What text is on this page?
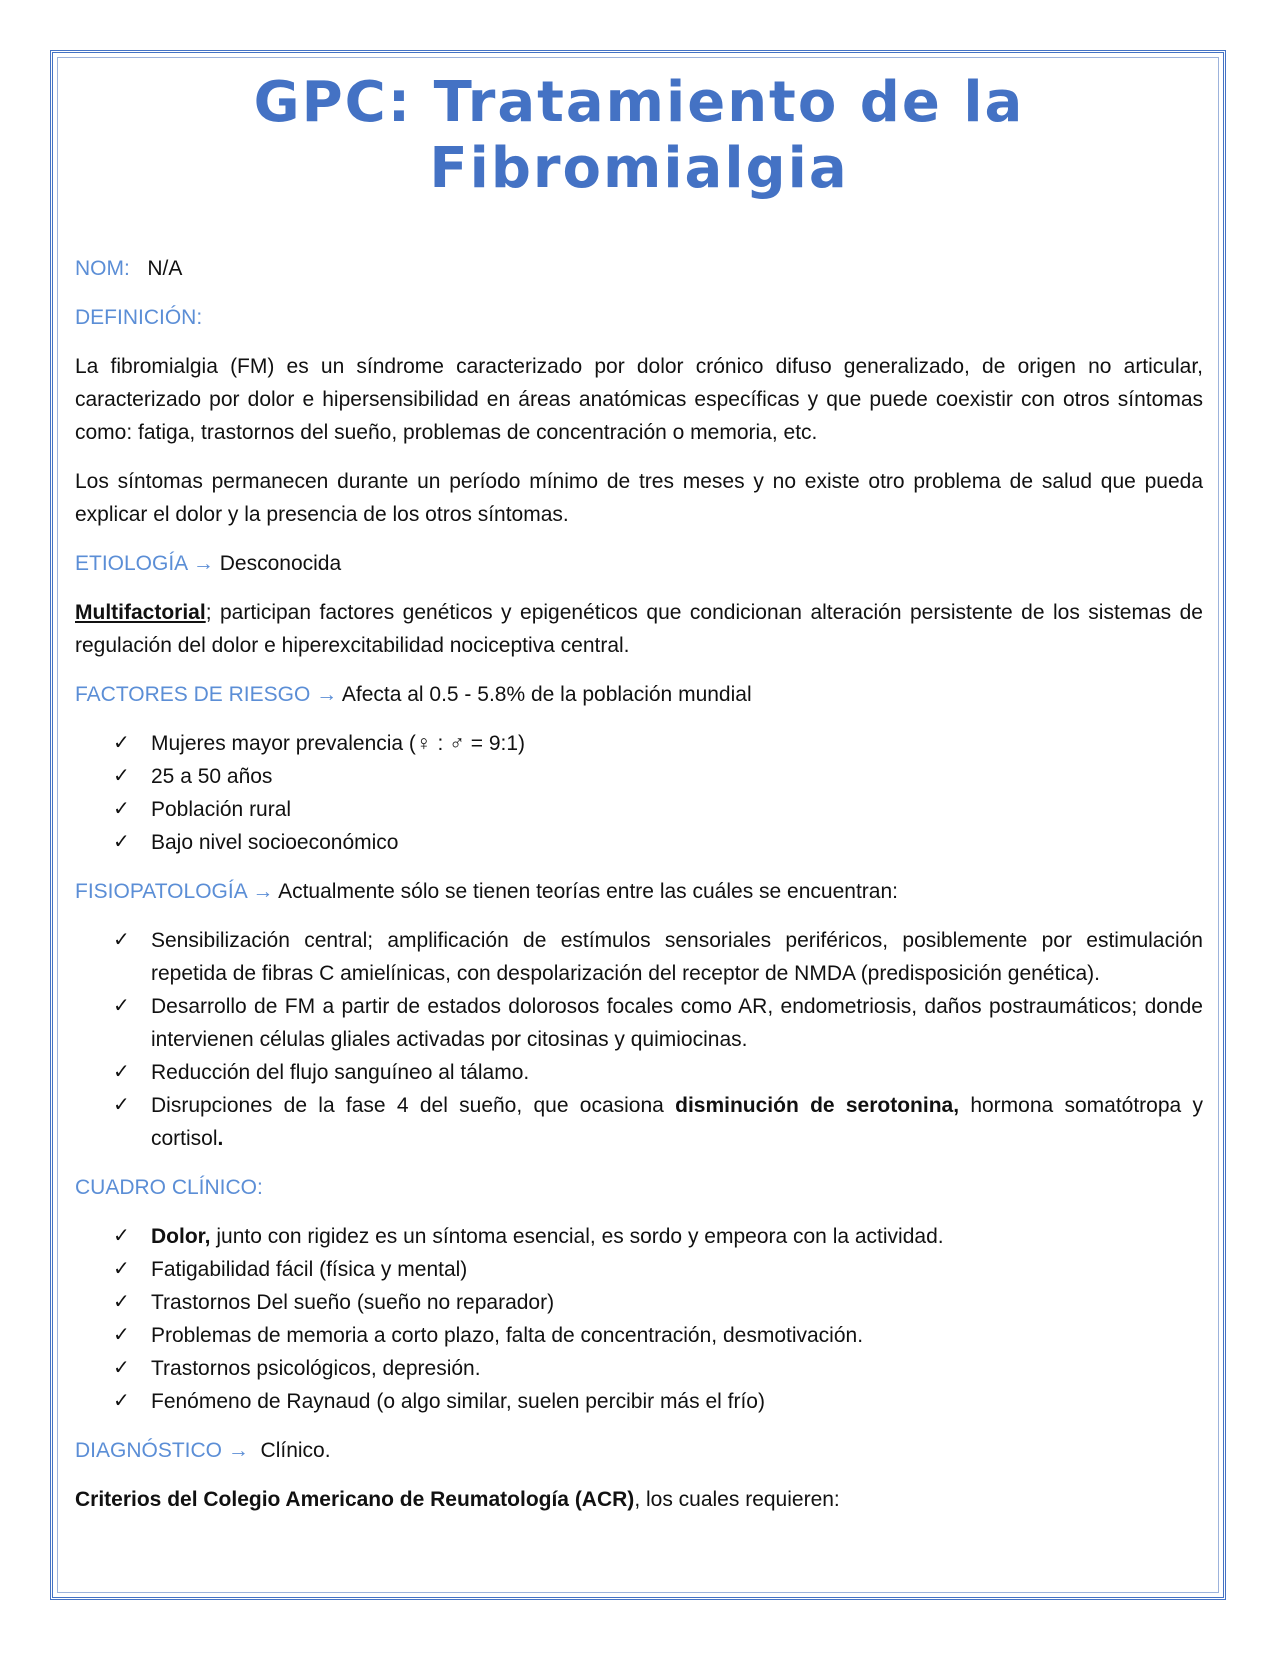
GPC: Tratamiento de la
Fibromialgia

NOM: N/A

DEFINICIÓN:

La fibromialgia (FM) es un síndrome caracterizado por dolor crónico difuso generalizado, de origen no articular, caracterizado por dolor e hipersensibilidad en áreas anatómicas específicas y que puede coexistir con otros síntomas como: fatiga, trastornos del sueño, problemas de concentración o memoria, etc.

Los síntomas permanecen durante un período mínimo de tres meses y no existe otro problema de salud que pueda explicar el dolor y la presencia de los otros síntomas.

ETIOLOGÍA → Desconocida

Multifactorial; participan factores genéticos y epigenéticos que condicionan alteración persistente de los sistemas de regulación del dolor e hiperexcitabilidad nociceptiva central.

FACTORES DE RIESGO → Afecta al 0.5 - 5.8% de la población mundial

✓ Mujeres mayor prevalencia (♀ : ♂ = 9:1)
✓ 25 a 50 años
✓ Población rural
✓ Bajo nivel socioeconómico

FISIOPATOLOGÍA → Actualmente sólo se tienen teorías entre las cuáles se encuentran:

✓ Sensibilización central; amplificación de estímulos sensoriales periféricos, posiblemente por estimulación repetida de fibras C amielínicas, con despolarización del receptor de NMDA (predisposición genética).
✓ Desarrollo de FM a partir de estados dolorosos focales como AR, endometriosis, daños postraumáticos; donde intervienen células gliales activadas por citosinas y quimiocinas.
✓ Reducción del flujo sanguíneo al tálamo.
✓ Disrupciones de la fase 4 del sueño, que ocasiona disminución de serotonina, hormona somatótropa y cortisol.

CUADRO CLÍNICO:

✓ Dolor, junto con rigidez es un síntoma esencial, es sordo y empeora con la actividad.
✓ Fatigabilidad fácil (física y mental)
✓ Trastornos Del sueño (sueño no reparador)
✓ Problemas de memoria a corto plazo, falta de concentración, desmotivación.
✓ Trastornos psicológicos, depresión.
✓ Fenómeno de Raynaud (o algo similar, suelen percibir más el frío)

DIAGNÓSTICO → Clínico.

Criterios del Colegio Americano de Reumatología (ACR), los cuales requieren:
